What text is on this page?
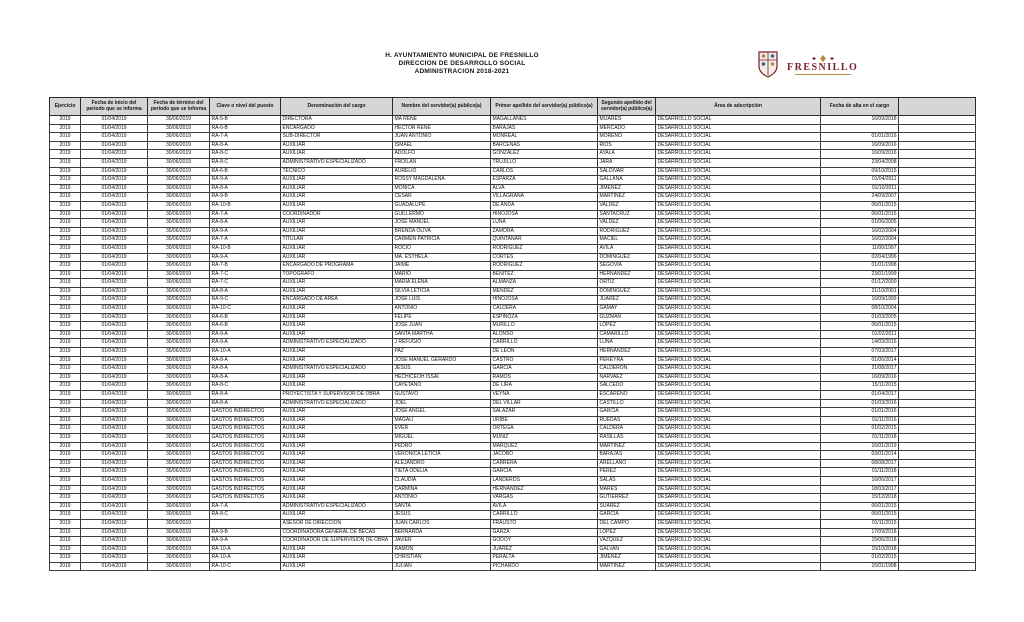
H. AYUNTAMIENTO MUNICIPAL DE FRESNILLO
DIRECCION DE DESARROLLO SOCIAL
ADMINISTRACION 2018-2021	FRESNILLO
Ejercicio	Fecha de inicio del periodo que se informa	Fecha de término del periodo que se informa	Clave o nivel del puesto	Denominación del cargo	Nombre del servidor(a) público(a)	Primer apellido del servidor(a) público(a)	Segundo apellido del servidor(a) público(a)	Área de adscripción	Fecha de alta en el cargo	
2019	01/04/2019	30/06/2019	RA-5-B	DIRECTORA	MA RENE	MAGALLANES	MIJARES	DESARROLLO SOCIAL	16/09/2018	
2019	01/04/2019	30/06/2019	RA-6-B	ENCARGADO	HECTOR RENE	BARAJAS	MERCADO	DESARROLLO SOCIAL		
2019	01/04/2019	30/06/2019	RA-7-A	SUB-DIRECTOR	JUAN ANTONIO	MONREAL	MORENO	DESARROLLO SOCIAL	01/01/2016	
2019	01/04/2019	30/06/2019	RA-8-A	AUXILIAR	ISMAEL	BARCENAS	RIOS	DESARROLLO SOCIAL	16/09/2016	
2019	01/04/2019	30/06/2019	RA-8-C	AUXILIAR	ADOLFO	GONZALEZ	AYALA	DESARROLLO SOCIAL	16/09/2016	
2019	01/04/2019	30/06/2019	RA-8-C	ADMINISTRATIVO ESPECIALIZADO	FROILAN	TRUJILLO	JARA	DESARROLLO SOCIAL	23/04/2008	
2019	01/04/2019	30/06/2019	RA-6-B	TECNICO	AURELIO	CARLOS	SALDIVAR	DESARROLLO SOCIAL	09/10/2015	
2019	01/04/2019	30/06/2019	RA-9-A	AUXILIAR	ROSSY MAGDALENA	ESPARZA	GALLANA	DESARROLLO SOCIAL	01/04/2011	
2019	01/04/2019	30/06/2019	RA-8-A	AUXILIAR	MONICA	ALVA	JIMENEZ	DESARROLLO SOCIAL	01/10/2011	
2019	01/04/2019	30/06/2019	RA-9-B	AUXILIAR	CESAR	VILLAGRANA	MARTINEZ	DESARROLLO SOCIAL	24/09/2007	
2019	01/04/2019	30/06/2019	RA-10-B	AUXILIAR	GUADALUPE	DE ANDA	VALDEZ	DESARROLLO SOCIAL	06/01/2015	
2019	01/04/2019	30/06/2019	RA-7-A	COORDINADOR	GUILLERMO	HINOJOSA	SANTACRUZ	DESARROLLO SOCIAL	06/01/2015	
2019	01/04/2019	30/06/2019	RA-8-A	AUXILIAR	JOSE MANUEL	LUNA	VALDEZ	DESARROLLO SOCIAL	01/06/2005	
2019	01/04/2019	30/06/2019	RA-9-A	AUXILIAR	BRENDA OLIVA	ZAMORA	RODRIGUEZ	DESARROLLO SOCIAL	16/02/2004	
2019	01/04/2019	30/06/2019	RA-7-A	TITULAR	CARMEN PATRICIA	QUINTANAR	MACIEL	DESARROLLO SOCIAL	16/02/2004	
2019	01/04/2019	30/06/2019	RA-10-B	AUXILIAR	ROCIO	RODRIGUEZ	AVILA	DESARROLLO SOCIAL	11/06/1997	
2019	01/04/2019	30/06/2019	RA-9-A	AUXILIAR	MA. ESTHELA	CORTES	DOMINGUEZ	DESARROLLO SOCIAL	02/04/1996	
2019	01/04/2019	30/06/2019	RA-7-B	ENCARGADO DE PROGRAMA	JAIME	RODRIGUEZ	SEGOVIA	DESARROLLO SOCIAL	01/01/1998	
2019	01/04/2019	30/06/2019	RA-7-C	TOPOGRAFO	MARIO	BENITEZ	HERNANDEZ	DESARROLLO SOCIAL	23/01/1999	
2019	01/04/2019	30/06/2019	RA-7-C	AUXILIAR	MARIA ELENA	ALMANZA	ORTIZ	DESARROLLO SOCIAL	01/12/2000	
2019	01/04/2019	30/06/2019	RA-8-A	AUXILIAR	SILVIA LETICIA	MENDEZ	DOMINGUEZ	DESARROLLO SOCIAL	21/10/2001	
2019	01/04/2019	30/06/2019	RA-9-C	ENCARGADO DE AREA	JOSE LUIS	HINOJOSA	JUAREZ	DESARROLLO SOCIAL	16/09/1999	
2019	01/04/2019	30/06/2019	RA-10-C	AUXILIAR	ANTONIO	CALDERA	GAMAY	DESARROLLO SOCIAL	08/10/2004	
2019	01/04/2019	30/06/2019	RA-6-B	AUXILIAR	FELIPE	ESPINOZA	GUZMAN	DESARROLLO SOCIAL	01/03/2005	
2019	01/04/2019	30/06/2019	RA-6-B	AUXILIAR	JOSE JUAN	MURILLO	LOPEZ	DESARROLLO SOCIAL	06/01/2015	
2019	01/04/2019	30/06/2019	RA-9-A	AUXILIAR	SANTA MARTHA	ALONSO	CAMARILLO	DESARROLLO SOCIAL	01/02/2011	
2019	01/04/2019	30/06/2019	RA-9-A	ADMINISTRATIVO ESPECIALIZADO	J REFUGIO	CARRILLO	LUNA	DESARROLLO SOCIAL	14/03/2016	
2019	01/04/2019	30/06/2019	RA-10-A	AUXILIAR	PAZ	DE LEON	HERNANDEZ	DESARROLLO SOCIAL	07/03/2017	
2019	01/04/2019	30/06/2019	RA-8-A	AUXILIAR	JOSE MANUEL GERARDO	CASTRO	PEREYRA	DESARROLLO SOCIAL	01/06/2014	
2019	01/04/2019	30/06/2019	RA-8-A	ADMINISTRATIVO ESPECIALIZADO	JESUS	GARCIA	CALDERON	DESARROLLO SOCIAL	21/08/2017	
2019	01/04/2019	30/06/2019	RA-8-A	AUXILIAR	HECHICEOH ISSAI	RAMOS	NARVAEZ	DESARROLLO SOCIAL	16/09/2016	
2019	01/04/2019	30/06/2019	RA-8-C	AUXILIAR	CAYETANO	DE LIRA	SALCEDO	DESARROLLO SOCIAL	15/11/2015	
2019	01/04/2019	30/06/2019	RA-8-A	PROYECTISTA Y SUPERVISOR DE OBRA	GUSTAVO	VEYNA	ESCAREÑO	DESARROLLO SOCIAL	01/04/2017	
2019	01/04/2019	30/06/2019	RA-8-A	ADMINISTRATIVO ESPECIALIZADO	JOEL	DEL VILLAR	CASTILLO	DESARROLLO SOCIAL	01/03/2016	
2019	01/04/2019	30/06/2019	GASTOS INDIRECTOS	AUXILIAR	JOSE ANGEL	SALAZAR	GARCIA	DESARROLLO SOCIAL	01/01/2016	
2019	01/04/2019	30/06/2019	GASTOS INDIRECTOS	AUXILIAR	MAGALI	URIBE	RUEDAS	DESARROLLO SOCIAL	01/11/2016	
2019	01/04/2019	30/06/2019	GASTOS INDIRECTOS	AUXILIAR	EVER	ORTEGA	CALDERA	DESARROLLO SOCIAL	01/02/2015	
2019	01/04/2019	30/06/2019	GASTOS INDIRECTOS	AUXILIAR	MIGUEL	MUÑIZ	RASILLAS	DESARROLLO SOCIAL	01/11/2018	
2019	01/04/2019	30/06/2019	GASTOS INDIRECTOS	AUXILIAR	PEDRO	MARQUEZ	MARTINEZ	DESARROLLO SOCIAL	16/01/2019	
2019	01/04/2019	30/06/2019	GASTOS INDIRECTOS	AUXILIAR	VERONICA LETICIA	JACOBO	BARAJAS	DESARROLLO SOCIAL	03/01/2014	
2019	01/04/2019	30/06/2019	GASTOS INDIRECTOS	AUXILIAR	ALEJANDRO	CARRERA	ARELLANO	DESARROLLO SOCIAL	08/08/2017	
2019	01/04/2019	30/06/2019	GASTOS INDIRECTOS	AUXILIAR	TIETA ODELIA	GARCIA	PEREZ	DESARROLLO SOCIAL	01/11/2018	
2019	01/04/2019	30/06/2019	GASTOS INDIRECTOS	AUXILIAR	CLAUDIA	LANDEROS	SALAS	DESARROLLO SOCIAL	16/06/2017	
2019	01/04/2019	30/06/2019	GASTOS INDIRECTOS	AUXILIAR	CARMINA	HERNANDEZ	MARES	DESARROLLO SOCIAL	18/03/2017	
2019	01/04/2019	30/06/2019	GASTOS INDIRECTOS	AUXILIAR	ANTONIO	VARGAS	GUTIERREZ	DESARROLLO SOCIAL	15/12/2018	
2019	01/04/2019	30/06/2019	RA-7-A	ADMINISTRATIVO ESPECIALIZADO	SANTA	AVILA	SUAREZ	DESARROLLO SOCIAL	06/01/2015	
2019	01/04/2019	30/06/2019	RA-8-C	AUXILIAR	JESUS	CARRILLO	GARCIA	DESARROLLO SOCIAL	06/01/2015	
2019	01/04/2019	30/06/2019		ASESOR DE DIRECCIÓN	JUAN CARLOS	FRAUSTO	DEL CAMPO	DESARROLLO SOCIAL	01/11/2015	
2019	01/04/2019	30/06/2019	RA-9-B	COORDINADORA GENERAL DE BECAS	BERNARDA	GARZA	LOPEZ	DESARROLLO SOCIAL	17/09/2018	
2019	01/04/2019	30/06/2019	RA-9-A	COORDINADOR DE SUPERVISION DE OBRA	JAVIER	GODOY	VAZQUEZ	DESARROLLO SOCIAL	15/06/2018	
2019	01/04/2019	30/06/2019	RA-10-A	AUXILIAR	RAMON	JUAREZ	GALVAN	DESARROLLO SOCIAL	15/10/2018	
2019	01/04/2019	30/06/2019	RA-10-A	AUXILIAR	CHRISTIAN	PERALTA	JIMENEZ	DESARROLLO SOCIAL	01/02/2015	
2019	01/04/2019	30/06/2019	RA-10-C	AUXILIAR	JULIAN	PICHARDO	MARTINEZ	DESARROLLO SOCIAL	15/01/1998	
